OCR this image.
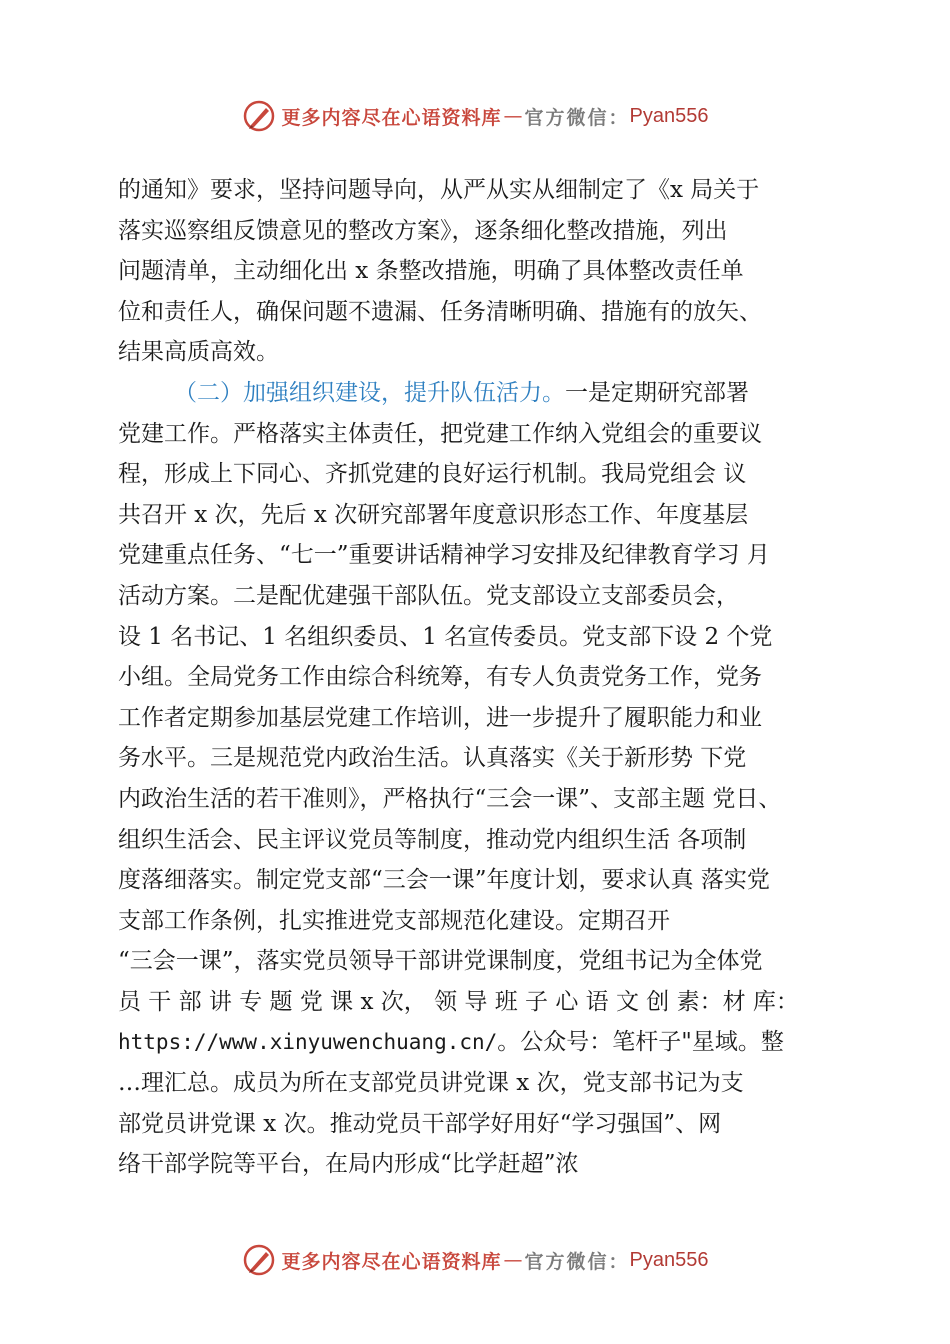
更多内容尽在心语资料库 — 官方微信： Pyan556
的通知》要求，坚持问题导向，从严从实从细制定了《x 局关于
落实巡察组反馈意见的整改方案》，逐条细化整改措施，列出
问题清单，主动细化出 x 条整改措施，明确了具体整改责任单
位和责任人，确保问题不遗漏、任务清晰明确、措施有的放矢、
结果高质高效。
（二）加强组织建设，提升队伍活力。一是定期研究部署
党建工作。严格落实主体责任，把党建工作纳入党组会的重要议
程，形成上下同心、齐抓党建的良好运行机制。我局党组会 议
共召开 x 次，先后 x 次研究部署年度意识形态工作、年度基层
党建重点任务、“七一”重要讲话精神学习安排及纪律教育学习 月
活动方案。二是配优建强干部队伍。党支部设立支部委员会，
设 1 名书记、1 名组织委员、1 名宣传委员。党支部下设 2 个党
小组。全局党务工作由综合科统筹，有专人负责党务工作，党务
工作者定期参加基层党建工作培训，进一步提升了履职能力和业
务水平。三是规范党内政治生活。认真落实《关于新形势 下党
内政治生活的若干准则》，严格执行“三会一课”、支部主题 党日、
组织生活会、民主评议党员等制度，推动党内组织生活 各项制
度落细落实。制定党支部“三会一课”年度计划，要求认真 落实党
支部工作条例，扎实推进党支部规范化建设。定期召开
“三会一课”，落实党员领导干部讲党课制度，党组书记为全体党
员 干 部 讲 专 题 党 课 x 次， 领 导 班 子 心 语 文 创 素：材 库：
https://www.xinyuwenchuang.cn/。公众号：笔杆子"星域。整
…理汇总。成员为所在支部党员讲党课 x 次，党支部书记为支
部党员讲党课 x 次。推动党员干部学好用好“学习强国”、网
络干部学院等平台，在局内形成“比学赶超”浓
更多内容尽在心语资料库 — 官方微信： Pyan556
